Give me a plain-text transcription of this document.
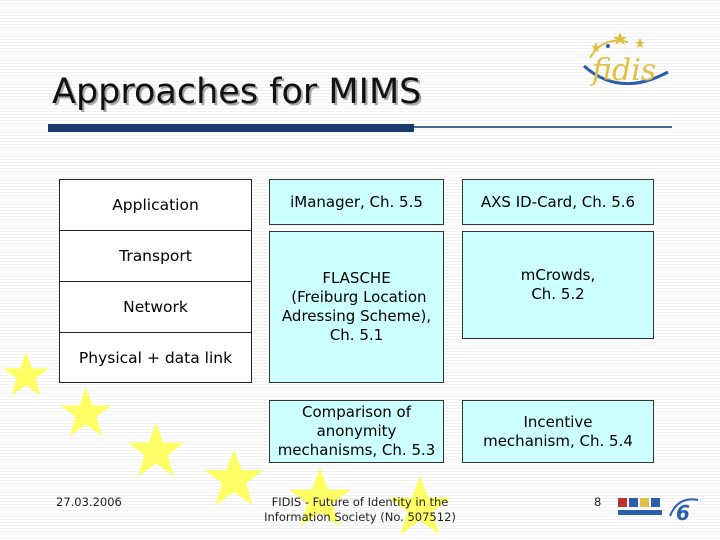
fidis
Approaches for MIMS
Application
Transport
Network
Physical + data link
iManager, Ch. 5.5	AXS ID-Card, Ch. 5.6
FLASCHE
(Freiburg Location
Adressing Scheme),
Ch. 5.1
mCrowds,
Ch. 5.2
Comparison of
anonymity
mechanisms, Ch. 5.3
Incentive
mechanism, Ch. 5.4
27.03.2006	FIDIS - Future of Identity in the
Information Society (No. 507512)
8	6
